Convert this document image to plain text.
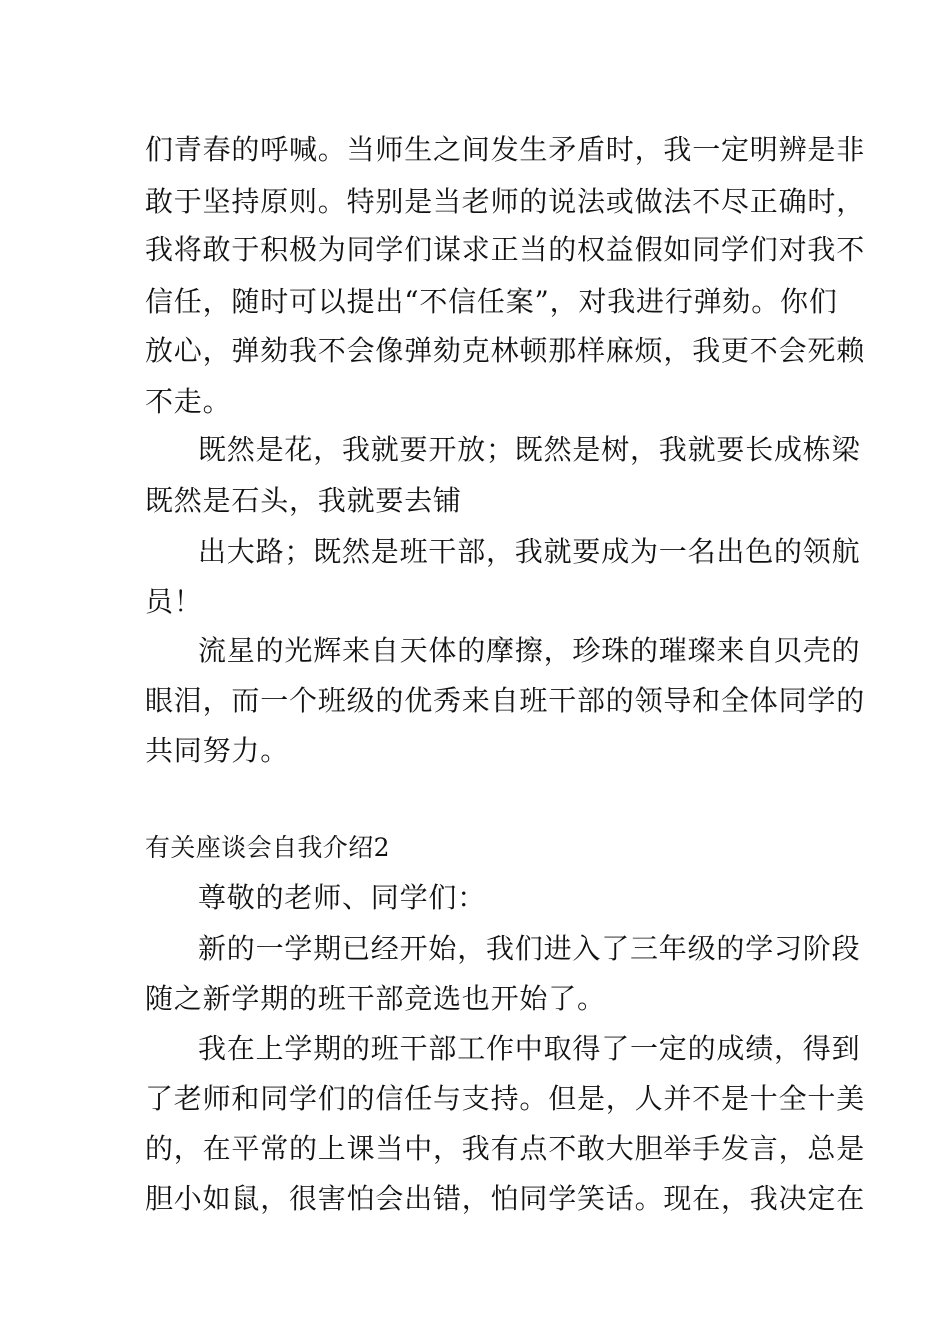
们青春的呼喊。当师生之间发生矛盾时，我一定明辨是非
敢于坚持原则。特别是当老师的说法或做法不尽正确时，
我将敢于积极为同学们谋求正当的权益假如同学们对我不
信任，随时可以提出“不信任案”，对我进行弹劾。你们
放心，弹劾我不会像弹劾克林顿那样麻烦，我更不会死赖
不走。
既然是花，我就要开放；既然是树，我就要长成栋梁
既然是石头，我就要去铺
出大路；既然是班干部，我就要成为一名出色的领航
员！
流星的光辉来自天体的摩擦，珍珠的璀璨来自贝壳的
眼泪，而一个班级的优秀来自班干部的领导和全体同学的
共同努力。
有关座谈会自我介绍2
尊敬的老师、同学们：
新的一学期已经开始，我们进入了三年级的学习阶段
随之新学期的班干部竞选也开始了。
我在上学期的班干部工作中取得了一定的成绩，得到
了老师和同学们的信任与支持。但是，人并不是十全十美
的，在平常的上课当中，我有点不敢大胆举手发言，总是
胆小如鼠，很害怕会出错，怕同学笑话。现在，我决定在
